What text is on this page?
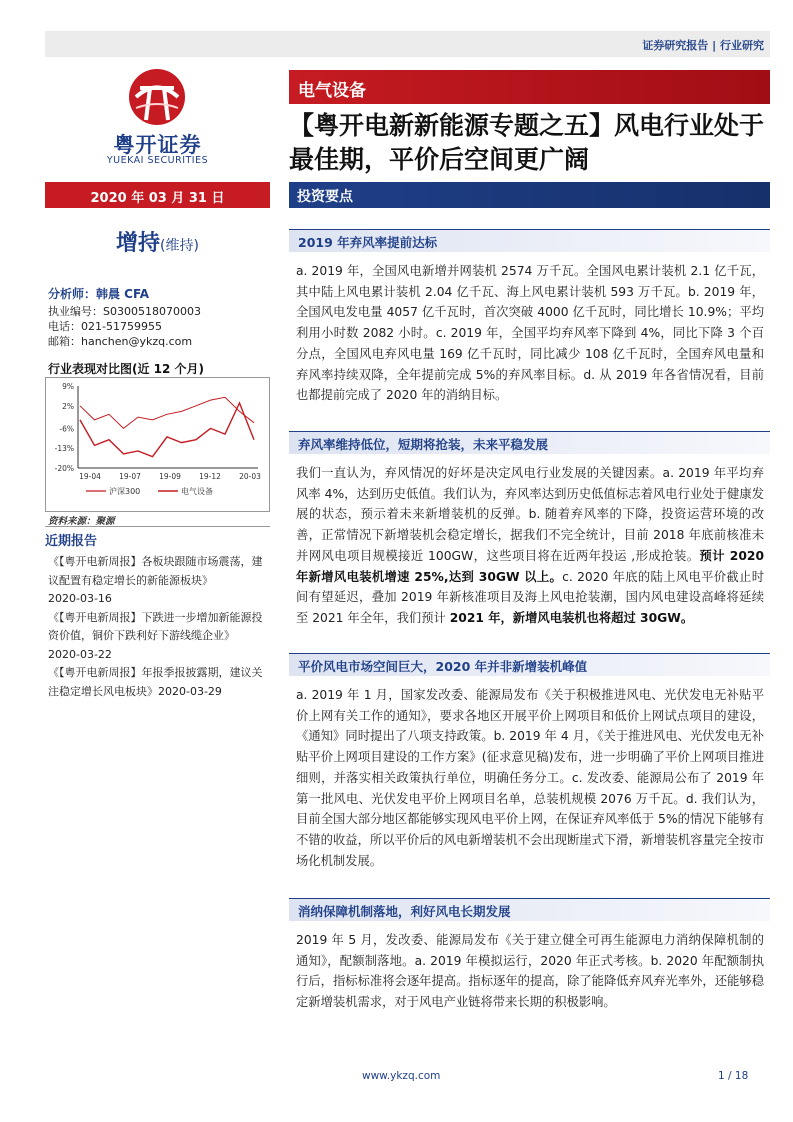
证券研究报告 | 行业研究
粤开证券
YUEKAI SECURITIES
电气设备
【粤开电新新能源专题之五】风电行业处于最佳期，平价后空间更广阔
2020 年 03 月 31 日	投资要点
增持(维持)
分析师：韩晨 CFA
执业编号：S0300518070003
电话：021-51759955
邮箱：hanchen@ykzq.com
行业表现对比图(近 12 个月)
9%
2%
-6%
-13%
-20%
19-04 19-07 19-09 19-12 20-03
沪深300	电气设备
资料来源：聚源
近期报告
《【粤开电新周报】各板块跟随市场震荡，建议配置有稳定增长的新能源板块》
2020-03-16
《【粤开电新周报】下跌进一步增加新能源投资价值，铜价下跌利好下游线缆企业》
2020-03-22
《【粤开电新周报】年报季报披露期，建议关注稳定增长风电板块》2020-03-29
2019 年弃风率提前达标
a. 2019 年，全国风电新增并网装机 2574 万千瓦。全国风电累计装机 2.1 亿千瓦，其中陆上风电累计装机 2.04 亿千瓦、海上风电累计装机 593 万千瓦。b. 2019 年，全国风电发电量 4057 亿千瓦时，首次突破 4000 亿千瓦时，同比增长 10.9%；平均利用小时数 2082 小时。c. 2019 年，全国平均弃风率下降到 4%，同比下降 3 个百分点，全国风电弃风电量 169 亿千瓦时，同比减少 108 亿千瓦时，全国弃风电量和弃风率持续双降，全年提前完成 5%的弃风率目标。d. 从 2019 年各省情况看，目前也都提前完成了 2020 年的消纳目标。
弃风率维持低位，短期将抢装，未来平稳发展
我们一直认为，弃风情况的好坏是决定风电行业发展的关键因素。a. 2019 年平均弃风率 4%，达到历史低值。我们认为，弃风率达到历史低值标志着风电行业处于健康发展的状态，预示着未来新增装机的反弹。b. 随着弃风率的下降，投资运营环境的改善，正常情况下新增装机会稳定增长，据我们不完全统计，目前 2018 年底前核准未并网风电项目规模接近 100GW，这些项目将在近两年投运 ,形成抢装。预计 2020 年新增风电装机增速 25%,达到 30GW 以上。c. 2020 年底的陆上风电平价截止时间有望延迟，叠加 2019 年新核准项目及海上风电抢装潮，国内风电建设高峰将延续至 2021 年全年，我们预计 2021 年，新增风电装机也将超过 30GW。
平价风电市场空间巨大，2020 年并非新增装机峰值
a. 2019 年 1 月，国家发改委、能源局发布《关于积极推进风电、光伏发电无补贴平价上网有关工作的通知》，要求各地区开展平价上网项目和低价上网试点项目的建设，《通知》同时提出了八项支持政策。b. 2019 年 4 月，《关于推进风电、光伏发电无补贴平价上网项目建设的工作方案》(征求意见稿)发布，进一步明确了平价上网项目推进细则，并落实相关政策执行单位，明确任务分工。c. 发改委、能源局公布了 2019 年第一批风电、光伏发电平价上网项目名单，总装机规模 2076 万千瓦。d. 我们认为，目前全国大部分地区都能够实现风电平价上网，在保证弃风率低于 5%的情况下能够有不错的收益，所以平价后的风电新增装机不会出现断崖式下滑，新增装机容量完全按市场化机制发展。
消纳保障机制落地，利好风电长期发展
2019 年 5 月，发改委、能源局发布《关于建立健全可再生能源电力消纳保障机制的通知》，配额制落地。a. 2019 年模拟运行，2020 年正式考核。b. 2020 年配额制执行后，指标标准将会逐年提高。指标逐年的提高，除了能降低弃风弃光率外，还能够稳定新增装机需求，对于风电产业链将带来长期的积极影响。
www.ykzq.com	1 / 18
